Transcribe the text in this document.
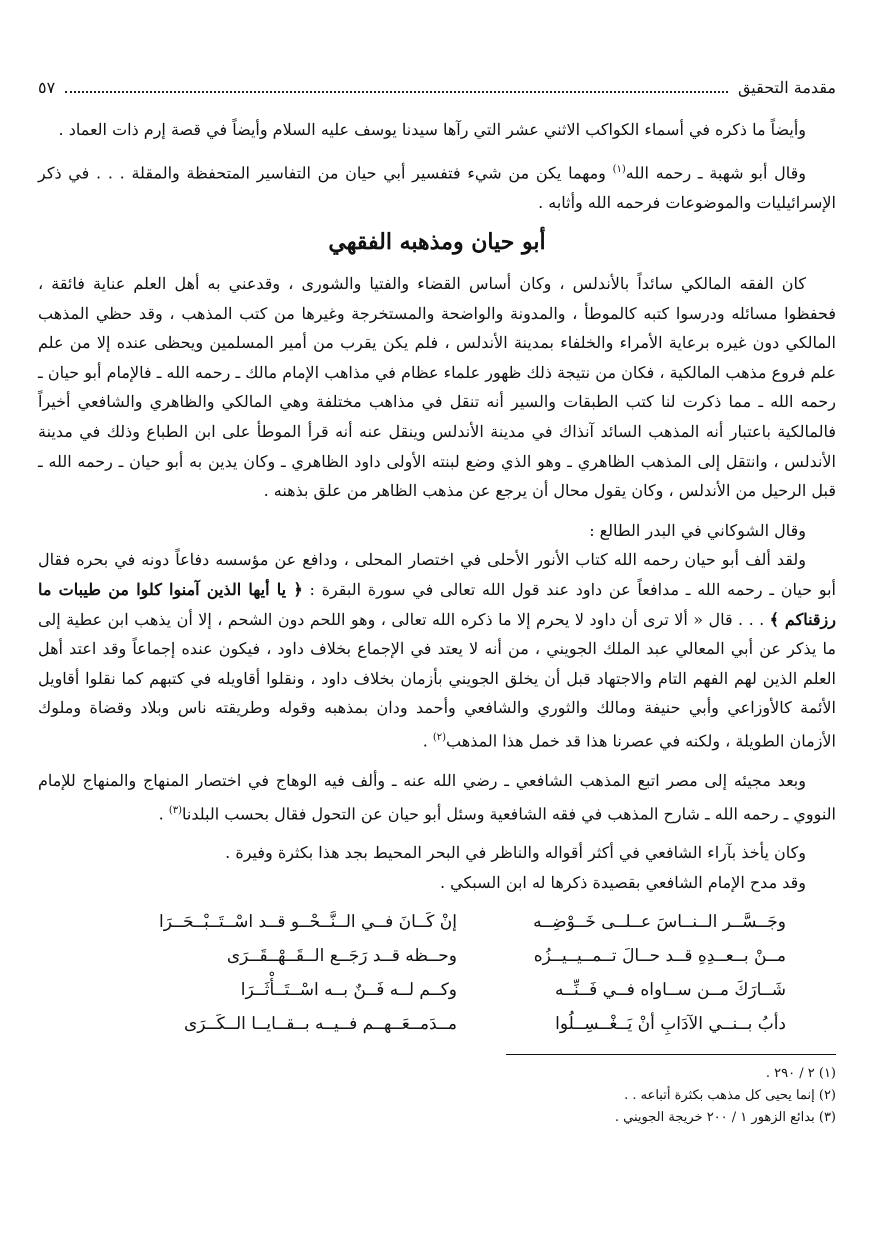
مقدمة التحقيق
٥٧

وأيضاً ما ذكره في أسماء الكواكب الاثني عشر التي رآها سيدنا يوسف عليه السلام وأيضاً في قصة إرم ذات العماد .

وقال أبو شهبة ـ رحمه الله$^{(١)}$ ومهما يكن من شيء فتفسير أبي حيان من التفاسير المتحفظة والمقلة . . . في ذكر الإسرائيليات والموضوعات فرحمه الله وأثابه .

أبو حيان ومذهبه الفقهي

كان الفقه المالكي سائداً بالأندلس ، وكان أساس القضاء والفتيا والشورى ، وقدعني به أهل العلم عناية فائقة ، فحفظوا مسائله ودرسوا كتبه كالموطأ ، والمدونة والواضحة والمستخرجة وغيرها من كتب المذهب ، وقد حظي المذهب المالكي دون غيره برعاية الأمراء والخلفاء بمدينة الأندلس ، فلم يكن يقرب من أمير المسلمين ويحظى عنده إلا من علم علم فروع مذهب المالكية ، فكان من نتيجة ذلك ظهور علماء عظام في مذاهب الإمام مالك ـ رحمه الله ـ فالإمام أبو حيان ـ رحمه الله ـ مما ذكرت لنا كتب الطبقات والسير أنه تنقل في مذاهب مختلفة وهي المالكي والظاهري والشافعي أخيراً فالمالكية باعتبار أنه المذهب السائد آنذاك في مدينة الأندلس وينقل عنه أنه قرأ الموطأ على ابن الطباع وذلك في مدينة الأندلس ، وانتقل إلى المذهب الظاهري ـ وهو الذي وضع لبنته الأولى داود الظاهري ـ وكان يدين به أبو حيان ـ رحمه الله ـ قبل الرحيل من الأندلس ، وكان يقول محال أن يرجع عن مذهب الظاهر من علق بذهنه .

وقال الشوكاني في البدر الطالع :

ولقد ألف أبو حيان رحمه الله كتاب الأنور الأحلى في اختصار المحلى ، ودافع عن مؤسسه دفاعاً دونه في بحره فقال أبو حيان ـ رحمه الله ـ مدافعاً عن داود عند قول الله تعالى في سورة البقرة : ﴿ يا أيها الذين آمنوا كلوا من طيبات ما رزقناكم ﴾ . . . قال « ألا ترى أن داود لا يحرم إلا ما ذكره الله تعالى ، وهو اللحم دون الشحم ، إلا أن يذهب ابن عطية إلى ما يذكر عن أبي المعالي عبد الملك الجويني ، من أنه لا يعتد في الإجماع بخلاف داود ، فيكون عنده إجماعاً وقد اعتد أهل العلم الذين لهم الفهم التام والاجتهاد قبل أن يخلق الجويني بأزمان بخلاف داود ، ونقلوا أقاويله في كتبهم كما نقلوا أقاويل الأئمة كالأوزاعي وأبي حنيفة ومالك والثوري والشافعي وأحمد ودان بمذهبه وقوله وطريقته ناس وبلاد وقضاة وملوك الأزمان الطويلة ، ولكنه في عصرنا هذا قد خمل هذا المذهب$^{(٢)}$ .

وبعد مجيئه إلى مصر اتبع المذهب الشافعي ـ رضي الله عنه ـ وألف فيه الوهاج في اختصار المنهاج والمنهاج للإمام النووي ـ رحمه الله ـ شارح المذهب في فقه الشافعية وسئل أبو حيان عن التحول فقال بحسب البلدنا$^{(٣)}$ .

وكان يأخذ بآراء الشافعي في أكثر أقواله والناظر في البحر المحيط بجد هذا بكثرة وفيرة .

وقد مدح الإمام الشافعي بقصيدة ذكرها له ابن السبكي .

وجَــسَّــر الــنــاسَ عــلــى خَــوْضِــه
إنْ كَــانَ فــي الــنَّــحْــو قــد اسْــتَــبْــحَــرَا
مــنْ بــعــدِهِ قــد حــالَ تــمــيــيــزُه
وحــظه قــد رَجَــع الــقَــهْــقَــرَى
شَــارَكَ مــن ســاواه فــي فَــنِّــه
وكــم لــه فَــنٌ بــه اسْــتَــأْثَــرَا
دأبُ بــنــي الآدَابِ أنْ يَــغْــسِــلُوا
مــدَمــعَــهــم فــيــه بــقــايــا الــكَــرَى

(١) ٢ / ٢٩٠ .

(٢) إنما يحيى كل مذهب بكثرة أتباعه . .

(٣) بدائع الزهور ١ / ٢٠٠ خريجة الجويني .
